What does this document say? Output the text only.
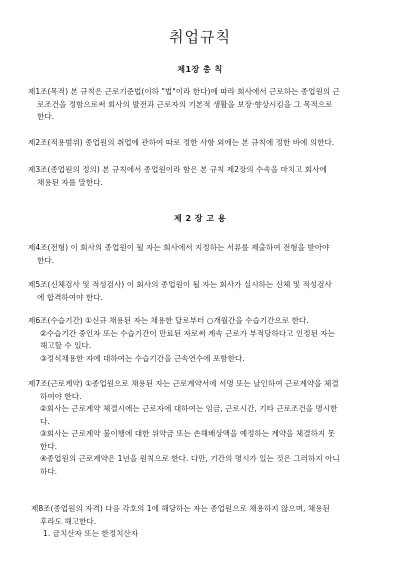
취업규칙
제1장 총 칙
제1조(목적) 본 규칙은 근로기준법(이하 "법"이라 한다)에 따라 회사에서 근로하는 종업원의 근
로조건을 정함으로써 회사의 발전과 근로자의 기본적 생활을 보장·향상시킴을 그 목적으로
한다.
제2조(적용범위) 종업원의 취업에 관하여 따로 정한 사항 외에는 본 규칙에 정한 바에 의한다.
제3조(종업원의 정의) 본 규칙에서 종업원이라 함은 본 규칙 제2장의 수속을 마치고 회사에
채용된 자를 말한다.
제 2 장 고 용
제4조(전형) 이 회사의 종업원이 될 자는 회사에서 지정하는 서류를 제출하여 전형을 받아야
한다.
제5조(신체검사 및 적성검사) 이 회사의 종업원이 될 자는 회사가 실시하는 신체 및 적성검사
에 합격하여야 한다.
제6조(수습기간) ①신규 채용된 자는 채용한 달로부터 ○개월간을 수습기간으로 한다.
②수습기간 중인자 또는 수습기간이 만료된 자로써 계속 근로가 부적당하다고 인정된 자는
해고할 수 있다.
③정식채용한 자에 대하여는 수습기간을 근속연수에 포함한다.
제7조(근로계약) ①종업원으로 채용된 자는 근로계약서에 서명 또는 날인하여 근로계약을 체결
하여야 한다.
②회사는 근로계약 체결시에는 근로자에 대하여는 임금, 근로시간, 기타 근로조건을 명시한
다.
③회사는 근로계약 불이행에 대한 위약금 또는 손해배상액을 예정하는 계약을 체결하지 못
한다.
④종업원의 근로계약은 1년을 원칙으로 한다. 다만, 기간의 명시가 있는 것은 그러하지 아니
하다.
제8조(종업원의 자격) 다음 각호의 1에 해당하는 자는 종업원으로 채용하지 않으며, 채용된
후라도 해고한다.
1. 금치산자 또는 한정치산자
